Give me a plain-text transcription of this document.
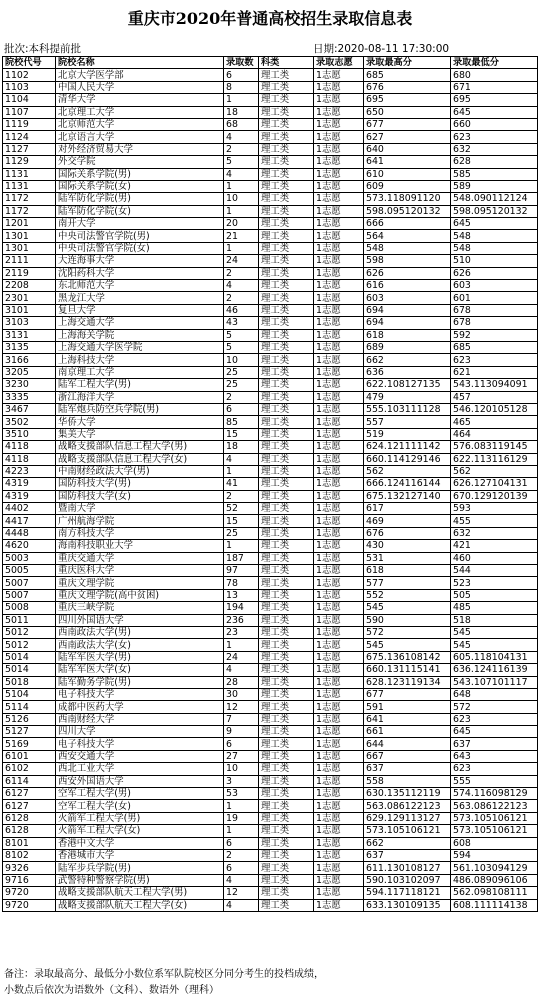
重庆市2020年普通高校招生录取信息表
批次:本科提前批	日期:2020-08-11 17:30:00
院校代号	院校名称	录取数	科类	录取志愿	录取最高分	录取最低分
1102	北京大学医学部	6	理工类	1志愿	685	680
1103	中国人民大学	8	理工类	1志愿	676	671
1104	清华大学	1	理工类	1志愿	695	695
1107	北京理工大学	18	理工类	1志愿	650	645
1119	北京师范大学	68	理工类	1志愿	677	660
1124	北京语言大学	4	理工类	1志愿	627	623
1127	对外经济贸易大学	2	理工类	1志愿	640	632
1129	外交学院	5	理工类	1志愿	641	628
1131	国际关系学院(男)	4	理工类	1志愿	610	585
1131	国际关系学院(女)	1	理工类	1志愿	609	589
1172	陆军防化学院(男)	10	理工类	1志愿	573.118091120	548.090112124
1172	陆军防化学院(女)	1	理工类	1志愿	598.095120132	598.095120132
1201	南开大学	20	理工类	1志愿	666	645
1301	中央司法警官学院(男)	21	理工类	1志愿	564	548
1301	中央司法警官学院(女)	1	理工类	1志愿	548	548
2111	大连海事大学	24	理工类	1志愿	598	510
2119	沈阳药科大学	2	理工类	1志愿	626	626
2208	东北师范大学	4	理工类	1志愿	616	603
2301	黑龙江大学	2	理工类	1志愿	603	601
3101	复旦大学	46	理工类	1志愿	694	678
3103	上海交通大学	43	理工类	1志愿	694	678
3131	上海海关学院	5	理工类	1志愿	618	592
3135	上海交通大学医学院	5	理工类	1志愿	689	685
3166	上海科技大学	10	理工类	1志愿	662	623
3205	南京理工大学	25	理工类	1志愿	636	621
3230	陆军工程大学(男)	25	理工类	1志愿	622.108127135	543.113094091
3335	浙江海洋大学	2	理工类	1志愿	479	457
3467	陆军炮兵防空兵学院(男)	6	理工类	1志愿	555.103111128	546.120105128
3502	华侨大学	85	理工类	1志愿	557	465
3510	集美大学	15	理工类	1志愿	519	464
4118	战略支援部队信息工程大学(男)	18	理工类	1志愿	624.121111142	576.083119145
4118	战略支援部队信息工程大学(女)	4	理工类	1志愿	660.114129146	622.113116129
4223	中南财经政法大学(男)	1	理工类	1志愿	562	562
4319	国防科技大学(男)	41	理工类	1志愿	666.124116144	626.127104131
4319	国防科技大学(女)	2	理工类	1志愿	675.132127140	670.129120139
4402	暨南大学	52	理工类	1志愿	617	593
4417	广州航海学院	15	理工类	1志愿	469	455
4448	南方科技大学	25	理工类	1志愿	676	632
4620	海南科技职业大学	1	理工类	1志愿	430	421
5003	重庆交通大学	187	理工类	1志愿	531	460
5005	重庆医科大学	97	理工类	1志愿	618	544
5007	重庆文理学院	78	理工类	1志愿	577	523
5007	重庆文理学院(高中贫困)	13	理工类	1志愿	552	505
5008	重庆三峡学院	194	理工类	1志愿	545	485
5011	四川外国语大学	236	理工类	1志愿	590	518
5012	西南政法大学(男)	23	理工类	1志愿	572	545
5012	西南政法大学(女)	1	理工类	1志愿	545	545
5014	陆军军医大学(男)	24	理工类	1志愿	675.136108142	605.118104131
5014	陆军军医大学(女)	4	理工类	1志愿	660.131115141	636.124116139
5018	陆军勤务学院(男)	28	理工类	1志愿	628.123119134	543.107101117
5104	电子科技大学	30	理工类	1志愿	677	648
5114	成都中医药大学	12	理工类	1志愿	591	572
5126	西南财经大学	7	理工类	1志愿	641	623
5127	四川大学	9	理工类	1志愿	661	645
5169	电子科技大学	6	理工类	1志愿	644	637
6101	西安交通大学	27	理工类	1志愿	667	643
6102	西北工业大学	10	理工类	1志愿	637	623
6114	西安外国语大学	3	理工类	1志愿	558	555
6127	空军工程大学(男)	53	理工类	1志愿	630.135112119	574.116098129
6127	空军工程大学(女)	1	理工类	1志愿	563.086122123	563.086122123
6128	火箭军工程大学(男)	19	理工类	1志愿	629.129113127	573.105106121
6128	火箭军工程大学(女)	1	理工类	1志愿	573.105106121	573.105106121
8101	香港中文大学	6	理工类	1志愿	662	608
8102	香港城市大学	2	理工类	1志愿	637	594
9326	陆军步兵学院(男)	6	理工类	1志愿	611.130108127	561.103094129
9716	武警特种警察学院(男)	4	理工类	1志愿	590.103102097	486.089096106
9720	战略支援部队航天工程大学(男)	12	理工类	1志愿	594.117118121	562.098108111
9720	战略支援部队航天工程大学(女)	4	理工类	1志愿	633.130109135	608.111114138
备注：录取最高分、最低分小数位系军队院校区分同分考生的投档成绩，
小数点后依次为语数外（文科）、数语外（理科）
